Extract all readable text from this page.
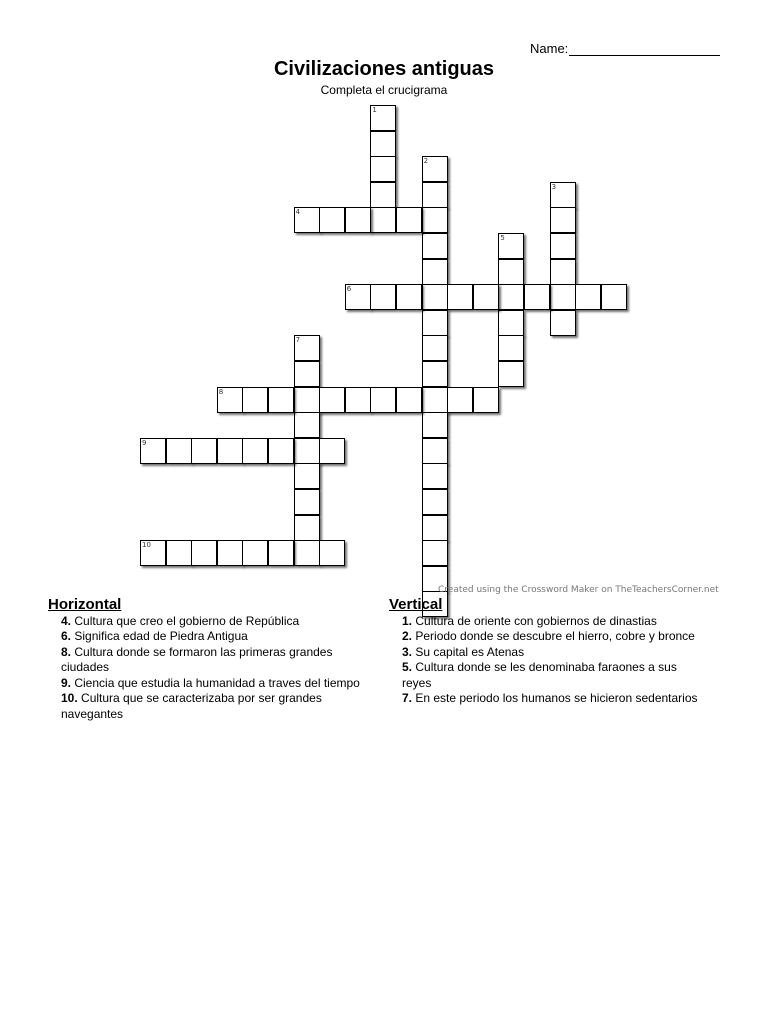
Name:
Civilizaciones antiguas
Completa el crucigrama
1
2
3
4
5
6
7
8
9
10
Created using the Crossword Maker on TheTeachersCorner.net
Horizontal
4. Cultura que creo el gobierno de República
6. Significa edad de Piedra Antigua
8. Cultura donde se formaron las primeras grandes ciudades
9. Ciencia que estudia la humanidad a traves del tiempo
10. Cultura que se caracterizaba por ser grandes navegantes
Vertical
1. Cultura de oriente con gobiernos de dinastias
2. Periodo donde se descubre el hierro, cobre y bronce
3. Su capital es Atenas
5. Cultura donde se les denominaba faraones a sus reyes
7. En este periodo los humanos se hicieron sedentarios
